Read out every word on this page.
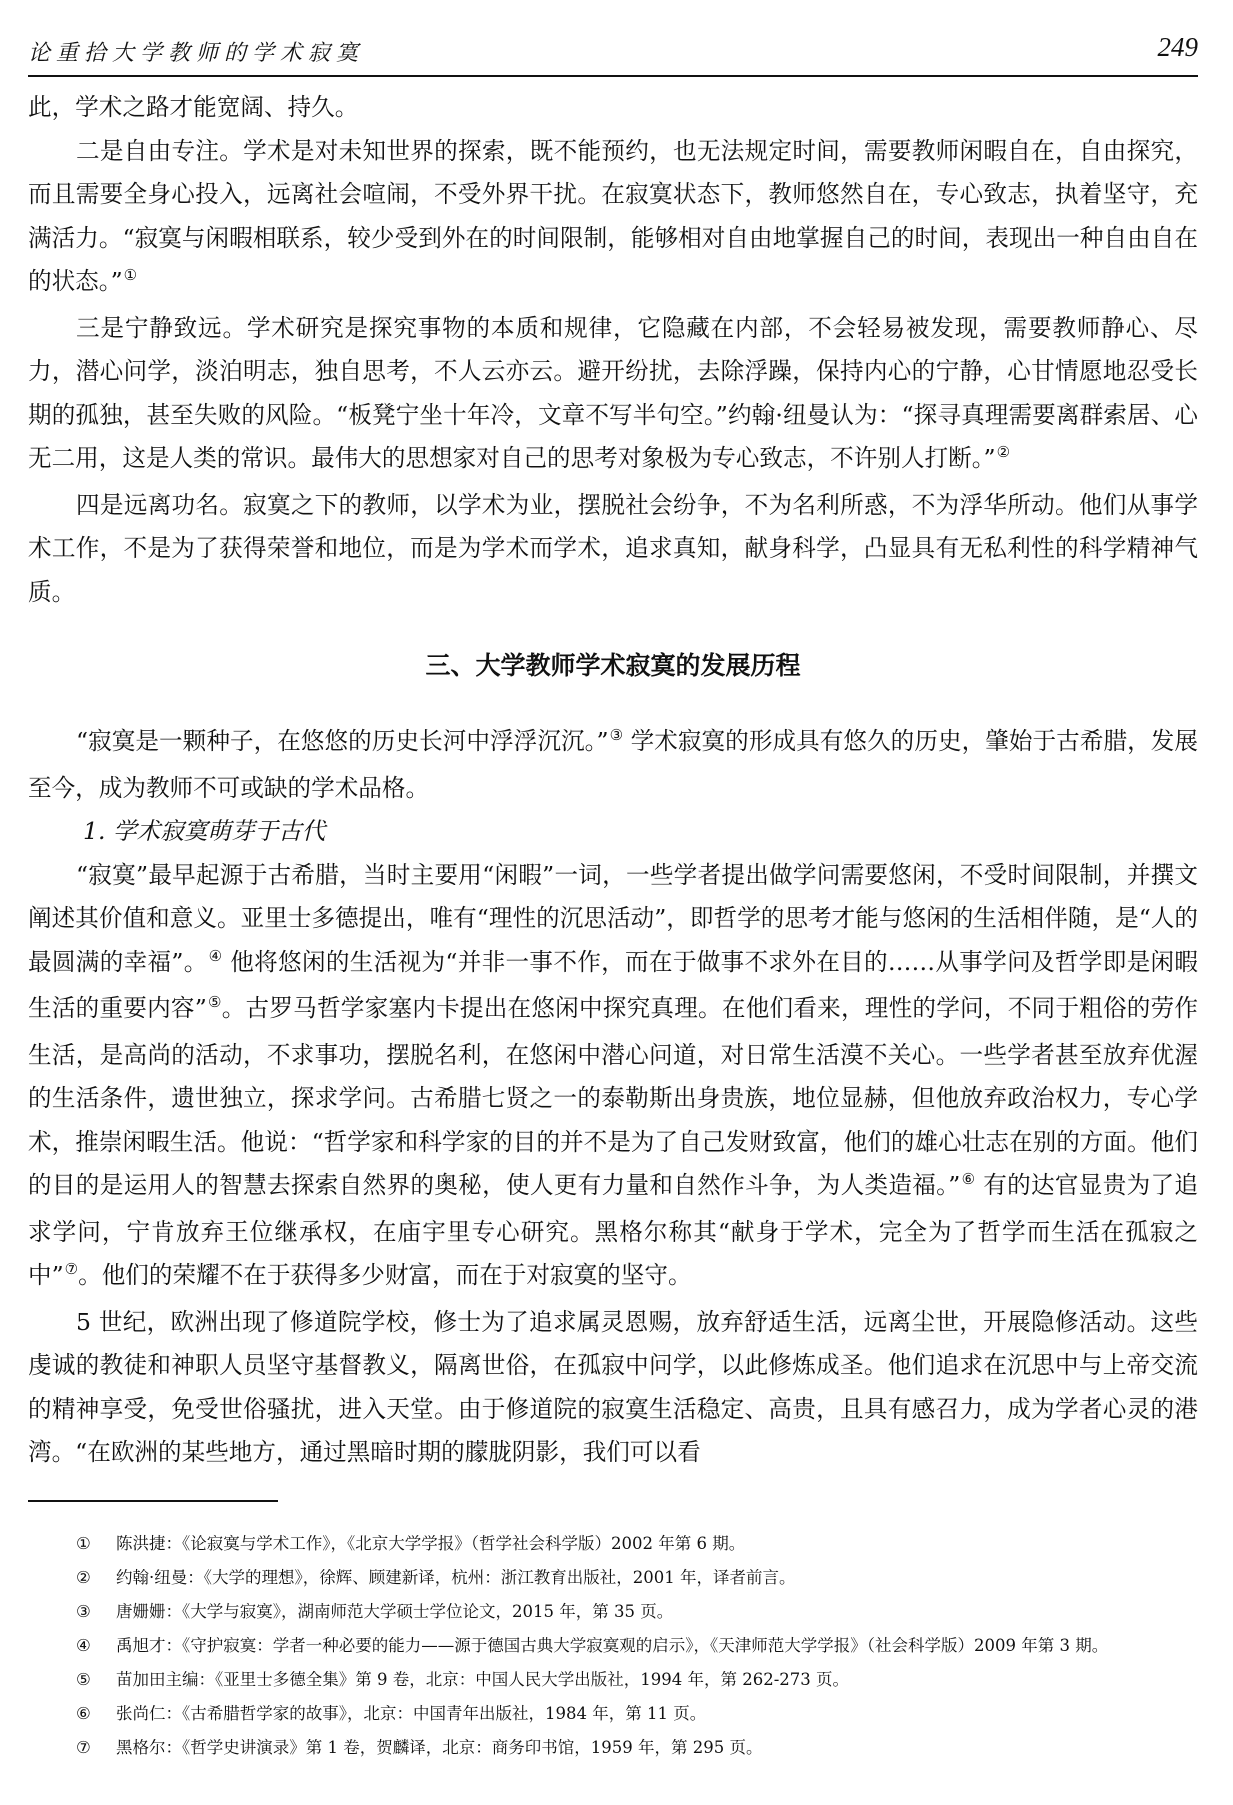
论重拾大学教师的学术寂寞	249

此，学术之路才能宽阔、持久。

二是自由专注。学术是对未知世界的探索，既不能预约，也无法规定时间，需要教师闲暇自在，自由探究，而且需要全身心投入，远离社会喧闹，不受外界干扰。在寂寞状态下，教师悠然自在，专心致志，执着坚守，充满活力。“寂寞与闲暇相联系，较少受到外在的时间限制，能够相对自由地掌握自己的时间，表现出一种自由自在的状态。”①

三是宁静致远。学术研究是探究事物的本质和规律，它隐藏在内部，不会轻易被发现，需要教师静心、尽力，潜心问学，淡泊明志，独自思考，不人云亦云。避开纷扰，去除浮躁，保持内心的宁静，心甘情愿地忍受长期的孤独，甚至失败的风险。“板凳宁坐十年冷，文章不写半句空。”约翰·纽曼认为：“探寻真理需要离群索居、心无二用，这是人类的常识。最伟大的思想家对自己的思考对象极为专心致志，不许别人打断。”②

四是远离功名。寂寞之下的教师，以学术为业，摆脱社会纷争，不为名利所惑，不为浮华所动。他们从事学术工作，不是为了获得荣誉和地位，而是为学术而学术，追求真知，献身科学，凸显具有无私利性的科学精神气质。

三、大学教师学术寂寞的发展历程

“寂寞是一颗种子，在悠悠的历史长河中浮浮沉沉。”③ 学术寂寞的形成具有悠久的历史，肇始于古希腊，发展至今，成为教师不可或缺的学术品格。

1. 学术寂寞萌芽于古代

“寂寞”最早起源于古希腊，当时主要用“闲暇”一词，一些学者提出做学问需要悠闲，不受时间限制，并撰文阐述其价值和意义。亚里士多德提出，唯有“理性的沉思活动”，即哲学的思考才能与悠闲的生活相伴随，是“人的最圆满的幸福”。④ 他将悠闲的生活视为“并非一事不作，而在于做事不求外在目的……从事学问及哲学即是闲暇生活的重要内容”⑤。古罗马哲学家塞内卡提出在悠闲中探究真理。在他们看来，理性的学问，不同于粗俗的劳作生活，是高尚的活动，不求事功，摆脱名利，在悠闲中潜心问道，对日常生活漠不关心。一些学者甚至放弃优渥的生活条件，遗世独立，探求学问。古希腊七贤之一的泰勒斯出身贵族，地位显赫，但他放弃政治权力，专心学术，推崇闲暇生活。他说：“哲学家和科学家的目的并不是为了自己发财致富，他们的雄心壮志在别的方面。他们的目的是运用人的智慧去探索自然界的奥秘，使人更有力量和自然作斗争，为人类造福。”⑥ 有的达官显贵为了追求学问，宁肯放弃王位继承权，在庙宇里专心研究。黑格尔称其“献身于学术，完全为了哲学而生活在孤寂之中”⑦。他们的荣耀不在于获得多少财富，而在于对寂寞的坚守。

5 世纪，欧洲出现了修道院学校，修士为了追求属灵恩赐，放弃舒适生活，远离尘世，开展隐修活动。这些虔诚的教徒和神职人员坚守基督教义，隔离世俗，在孤寂中问学，以此修炼成圣。他们追求在沉思中与上帝交流的精神享受，免受世俗骚扰，进入天堂。由于修道院的寂寞生活稳定、高贵，且具有感召力，成为学者心灵的港湾。“在欧洲的某些地方，通过黑暗时期的朦胧阴影，我们可以看

① 陈洪捷：《论寂寞与学术工作》，《北京大学学报》（哲学社会科学版）2002 年第 6 期。

② 约翰·纽曼：《大学的理想》，徐辉、顾建新译，杭州：浙江教育出版社，2001 年，译者前言。

③ 唐姗姗：《大学与寂寞》，湖南师范大学硕士学位论文，2015 年，第 35 页。

④ 禹旭才：《守护寂寞：学者一种必要的能力——源于德国古典大学寂寞观的启示》，《天津师范大学学报》（社会科学版）2009 年第 3 期。

⑤ 苗加田主编：《亚里士多德全集》第 9 卷，北京：中国人民大学出版社，1994 年，第 262-273 页。

⑥ 张尚仁：《古希腊哲学家的故事》，北京：中国青年出版社，1984 年，第 11 页。

⑦ 黑格尔：《哲学史讲演录》第 1 卷，贺麟译，北京：商务印书馆，1959 年，第 295 页。
